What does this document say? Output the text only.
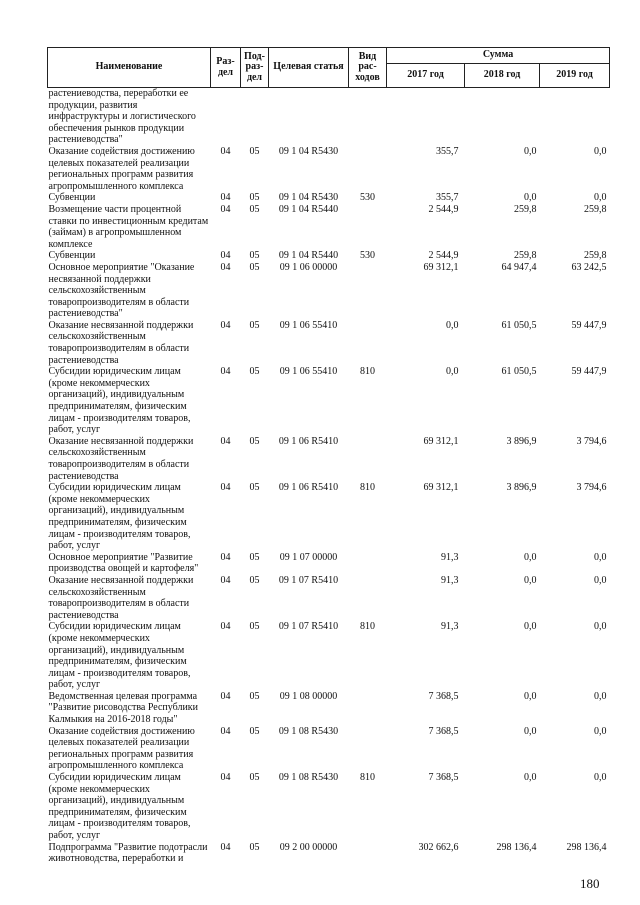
Наименование	Раз- дел	Под- раз- дел	Целевая статья	Вид рас- ходов	Сумма		
					2017 год	2018 год	2019 год
растениеводства, переработки ее продукции, развития инфраструктуры и логистического обеспечения рынков продукции растениеводства"							
Оказание содействия достижению целевых показателей реализации региональных программ развития агропромышленного комплекса	04	05	09 1 04 R5430		355,7	0,0	0,0
Субвенции	04	05	09 1 04 R5430	530	355,7	0,0	0,0
Возмещение части процентной ставки по инвестиционным кредитам (займам) в агропромышленном комплексе	04	05	09 1 04 R5440		2 544,9	259,8	259,8
Субвенции	04	05	09 1 04 R5440	530	2 544,9	259,8	259,8
Основное мероприятие "Оказание несвязанной поддержки сельскохозяйственным товаропроизводителям в области растениеводства"	04	05	09 1 06 00000		69 312,1	64 947,4	63 242,5
Оказание несвязанной поддержки сельскохозяйственным товаропроизводителям в области растениеводства	04	05	09 1 06 55410		0,0	61 050,5	59 447,9
Субсидии юридическим лицам (кроме некоммерческих организаций), индивидуальным предпринимателям, физическим лицам - производителям товаров, работ, услуг	04	05	09 1 06 55410	810	0,0	61 050,5	59 447,9
Оказание несвязанной поддержки сельскохозяйственным товаропроизводителям в области растениеводства	04	05	09 1 06 R5410		69 312,1	3 896,9	3 794,6
Субсидии юридическим лицам (кроме некоммерческих организаций), индивидуальным предпринимателям, физическим лицам - производителям товаров, работ, услуг	04	05	09 1 06 R5410	810	69 312,1	3 896,9	3 794,6
Основное мероприятие "Развитие производства овощей и картофеля"	04	05	09 1 07 00000		91,3	0,0	0,0
Оказание несвязанной поддержки сельскохозяйственным товаропроизводителям в области растениеводства	04	05	09 1 07 R5410		91,3	0,0	0,0
Субсидии юридическим лицам (кроме некоммерческих организаций), индивидуальным предпринимателям, физическим лицам - производителям товаров, работ, услуг	04	05	09 1 07 R5410	810	91,3	0,0	0,0
Ведомственная целевая программа "Развитие рисоводства Республики Калмыкия на 2016-2018 годы"	04	05	09 1 08 00000		7 368,5	0,0	0,0
Оказание содействия достижению целевых показателей реализации региональных программ развития агропромышленного комплекса	04	05	09 1 08 R5430		7 368,5	0,0	0,0
Субсидии юридическим лицам (кроме некоммерческих организаций), индивидуальным предпринимателям, физическим лицам - производителям товаров, работ, услуг	04	05	09 1 08 R5430	810	7 368,5	0,0	0,0
Подпрограмма "Развитие подотрасли животноводства, переработки и	04	05	09 2 00 00000		302 662,6	298 136,4	298 136,4
180
